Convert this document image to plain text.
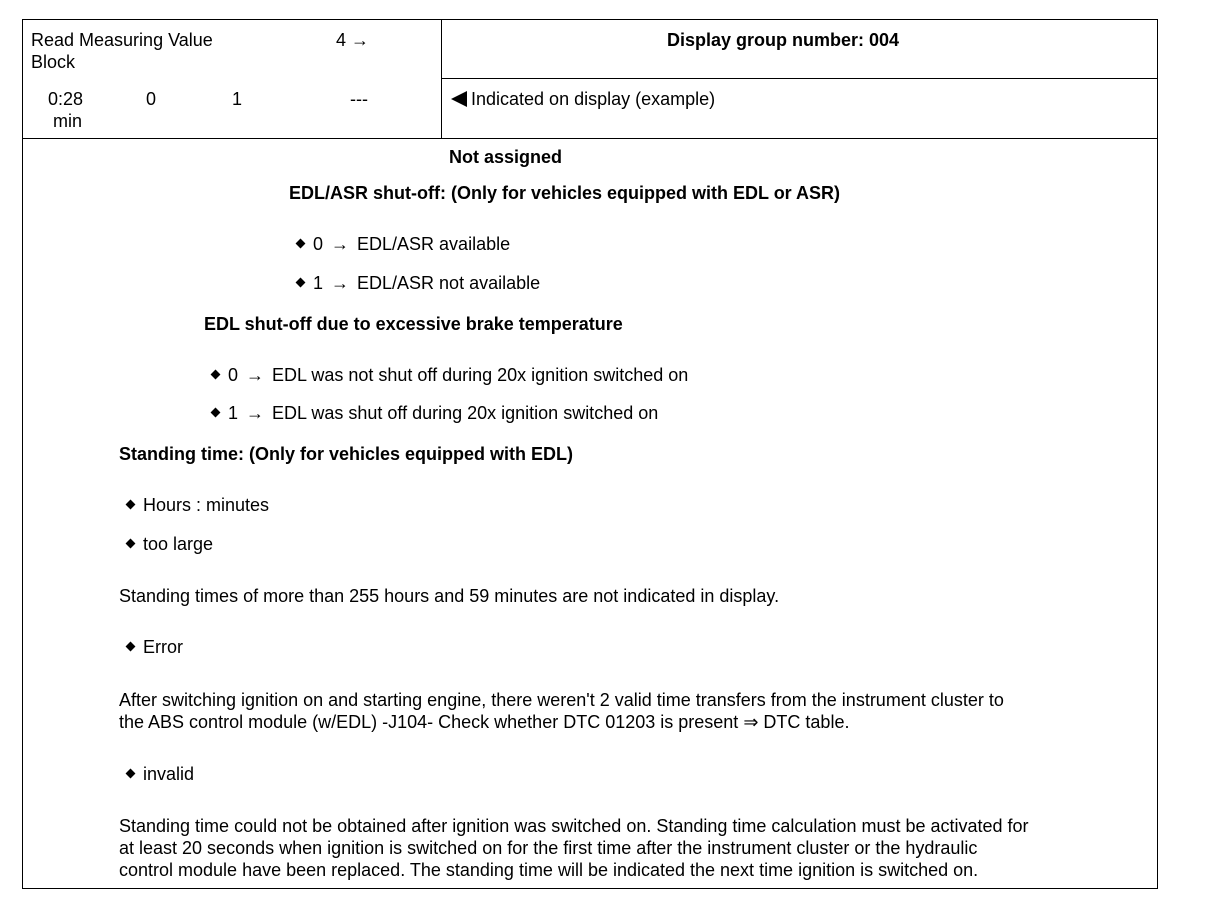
Read Measuring Value
Block
4 →
0:28
min
0	1	---
Display group number: 004
Indicated on display (example)
Not assigned
EDL/ASR shut-off: (Only for vehicles equipped with EDL or ASR)
0 → EDL/ASR available
1 → EDL/ASR not available
EDL shut-off due to excessive brake temperature
0 → EDL was not shut off during 20x ignition switched on
1 → EDL was shut off during 20x ignition switched on
Standing time: (Only for vehicles equipped with EDL)
Hours : minutes
too large
Standing times of more than 255 hours and 59 minutes are not indicated in display.
Error
After switching ignition on and starting engine, there weren't 2 valid time transfers from the instrument cluster to
the ABS control module (w/EDL) -J104- Check whether DTC 01203 is present ⇒ DTC table.
invalid
Standing time could not be obtained after ignition was switched on. Standing time calculation must be activated for
at least 20 seconds when ignition is switched on for the first time after the instrument cluster or the hydraulic
control module have been replaced. The standing time will be indicated the next time ignition is switched on.
